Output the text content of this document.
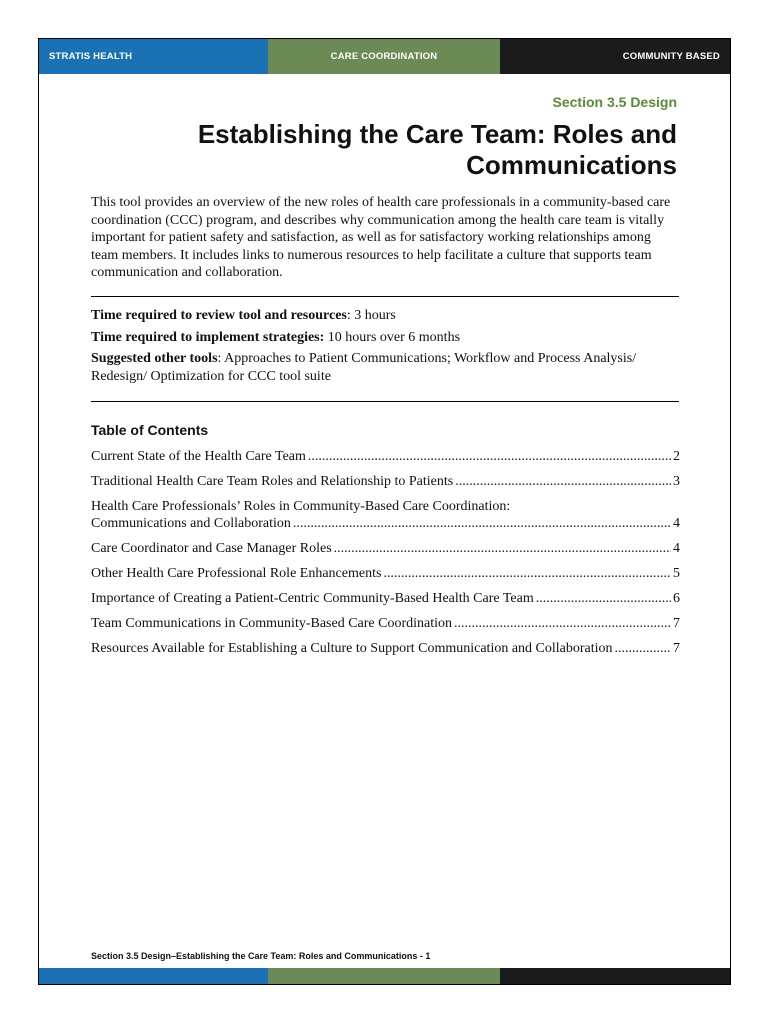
STRATIS HEALTH	CARE COORDINATION	COMMUNITY BASED
Section 3.5 Design
Establishing the Care Team: Roles and
Communications
This tool provides an overview of the new roles of health care professionals in a community-based care coordination (CCC) program, and describes why communication among the health care team is vitally important for patient safety and satisfaction, as well as for satisfactory working relationships among team members. It includes links to numerous resources to help facilitate a culture that supports team communication and collaboration.

Time required to review tool and resources: 3 hours

Time required to implement strategies: 10 hours over 6 months

Suggested other tools: Approaches to Patient Communications; Workflow and Process Analysis/ Redesign/ Optimization for CCC tool suite

Table of Contents
Current State of the Health Care Team .....	2
Traditional Health Care Team Roles and Relationship to Patients .....	3
Health Care Professionals’ Roles in Community-Based Care Coordination:
Communications and Collaboration .....	4
Care Coordinator and Case Manager Roles .....	4
Other Health Care Professional Role Enhancements .....	5
Importance of Creating a Patient-Centric Community-Based Health Care Team .....	6
Team Communications in Community-Based Care Coordination .....	7
Resources Available for Establishing a Culture to Support Communication and Collaboration .....	7
Section 3.5 Design–Establishing the Care Team: Roles and Communications - 1
